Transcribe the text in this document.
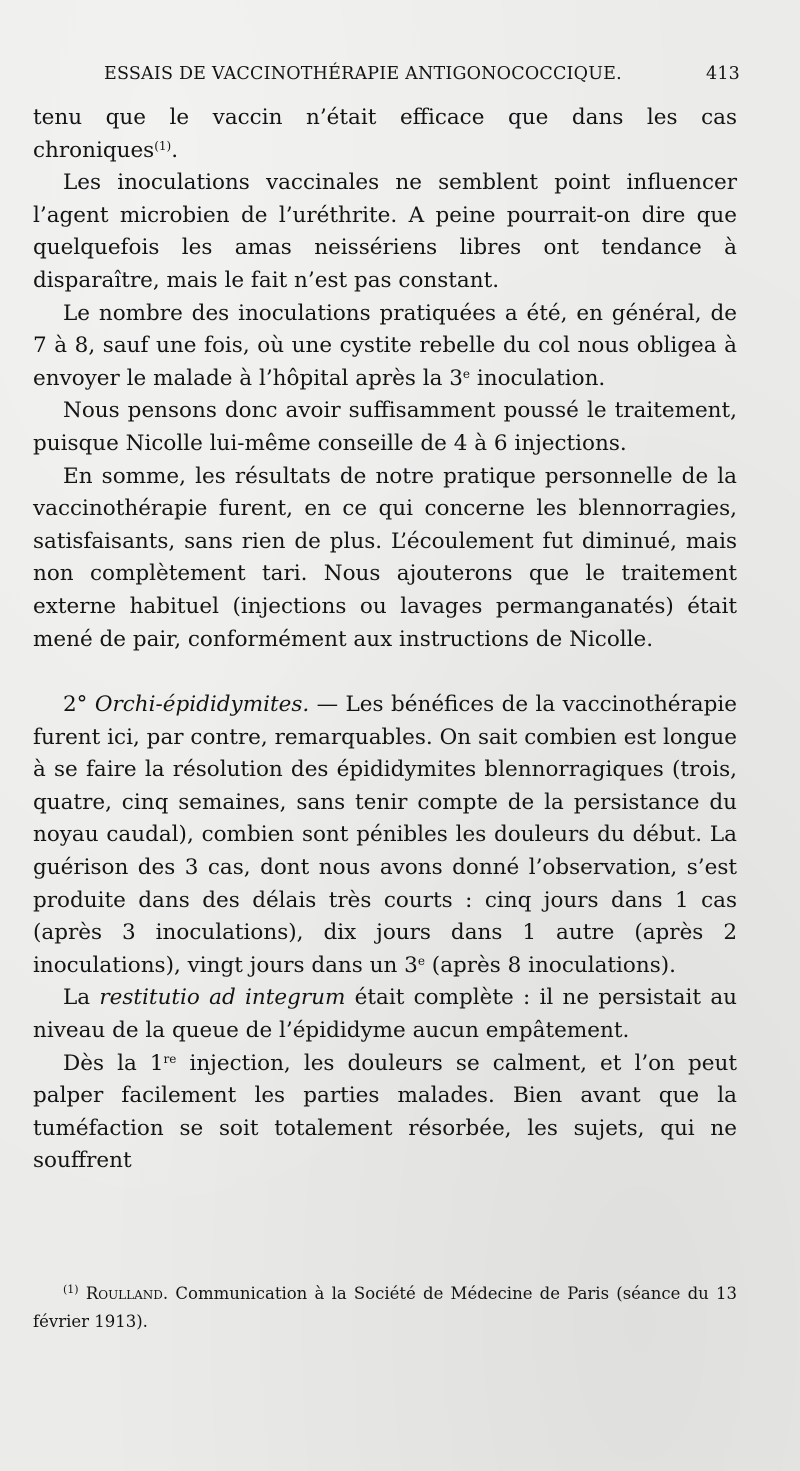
ESSAIS DE VACCINOTHÉRAPIE ANTIGONOCOCCIQUE.	413

tenu que le vaccin n’était efficace que dans les cas chroniques$^{(1)}$.

Les inoculations vaccinales ne semblent point influencer l’agent microbien de l’uréthrite. A peine pourrait-on dire que quelquefois les amas neissériens libres ont tendance à disparaître, mais le fait n’est pas constant.

Le nombre des inoculations pratiquées a été, en général, de 7 à 8, sauf une fois, où une cystite rebelle du col nous obligea à envoyer le malade à l’hôpital après la 3e inoculation.

Nous pensons donc avoir suffisamment poussé le traitement, puisque Nicolle lui-même conseille de 4 à 6 injections.

En somme, les résultats de notre pratique personnelle de la vaccinothérapie furent, en ce qui concerne les blennorragies, satisfaisants, sans rien de plus. L’écoulement fut diminué, mais non complètement tari. Nous ajouterons que le traitement externe habituel (injections ou lavages permanganatés) était mené de pair, conformément aux instructions de Nicolle.

2° Orchi-épididymites. — Les bénéfices de la vaccinothérapie furent ici, par contre, remarquables. On sait combien est longue à se faire la résolution des épididymites blennorragiques (trois, quatre, cinq semaines, sans tenir compte de la persistance du noyau caudal), combien sont pénibles les douleurs du début. La guérison des 3 cas, dont nous avons donné l’observation, s’est produite dans des délais très courts : cinq jours dans 1 cas (après 3 inoculations), dix jours dans 1 autre (après 2 inoculations), vingt jours dans un 3e (après 8 inoculations).

La restitutio ad integrum était complète : il ne persistait au niveau de la queue de l’épididyme aucun empâtement.

Dès la 1re injection, les douleurs se calment, et l’on peut palper facilement les parties malades. Bien avant que la tuméfaction se soit totalement résorbée, les sujets, qui ne souffrent

$^{(1)}$ Roulland. Communication à la Société de Médecine de Paris (séance du 13 février 1913).
